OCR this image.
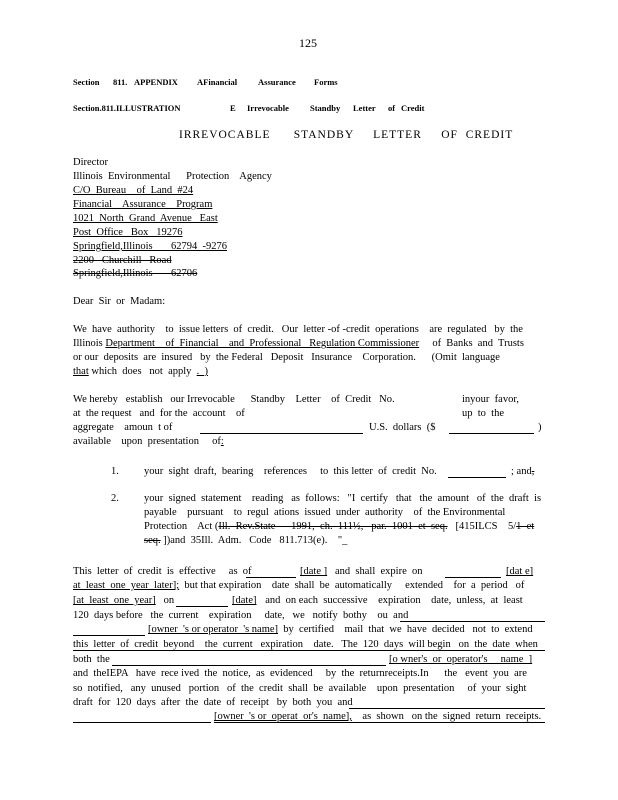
125
Section 811. APPENDIX AFinancial Assurance Forms
Section.811.ILLUSTRATION	E Irrevocable Standby Letter of Credit
IRREVOCABLE      STANDBY     LETTER     OF  CREDIT
Director
Illinois  Environmental      Protection    Agency
C/O  Bureau    of  Land  #24
Financial    Assurance    Program
1021  North  Grand  Avenue   East
Post  Office   Box   19276
Springfield,Illinois       62794  -9276
2200   Churchill   Road
Springfield,Illinois       62706
Dear  Sir  or  Madam:
We  have  authority    to  issue letters  of  credit.   Our  letter -of -credit  operations    are  regulated   by  the
Illinois Department    of  Financial    and  Professional   Regulation Commissioner     of  Banks  and  Trusts
or our  deposits  are  insured   by  the Federal   Deposit   Insurance    Corporation.      (Omit  language
that which  does   not  apply  ._)
We hereby   establish   our Irrevocable      Standby    Letter    of  Credit   No.	inyour  favor,
at  the request   and  for the  account    of	up  to  the
aggregate    amoun  t of	U.S.  dollars  ($	)
available    upon  presentation     of:
1. your  sight  draft,  bearing    references     to  this letter  of  credit  No.	; and,
2. your  signed  statement    reading   as  follows:   "I  certify   that   the  amount   of  the  draft  is
payable    pursuant    to  regul  ations  issued  under  authority    of  the Environmental
Protection    Act (Ill.  Rev.State      1991,  ch.  111½,   par.  1001  et  seq.   [415ILCS    5/1  et
seq. ])and  35Ill.  Adm.   Code   811.713(e).    "_
This  letter  of  credit  is  effective     as  of	[date ] and  shall  expire  on	[dat e]
at  least  one  year  later];  but that expiration    date  shall  be  automatically     extended    for  a  period   of
[at  least  one  year]   on	[date] and  on each  successive    expiration    date,  unless,  at  least
120  days before   the  current    expiration     date,   we   notify  bothy    ou  and
[owner  's or operator  's name]  by  certified    mail  that  we  have  decided   not  to  extend
this  letter  of  credit  beyond    the  current   expiration    date.   The  120  days  will begin   on  the  date  when
both  the	[o wner's  or  operator's     name  ]
and  theIEPA   have  rece ived  the  notice,  as  evidenced     by  the  returnreceipts.In      the   event  you  are
so  notified,   any  unused   portion   of  the  credit  shall  be  available    upon  presentation     of  your  sight
draft  for  120  days  after  the  date  of  receipt   by  both  you  and
[owner  's or  operat  or's  name],    as  shown   on the  signed  return  receipts.
